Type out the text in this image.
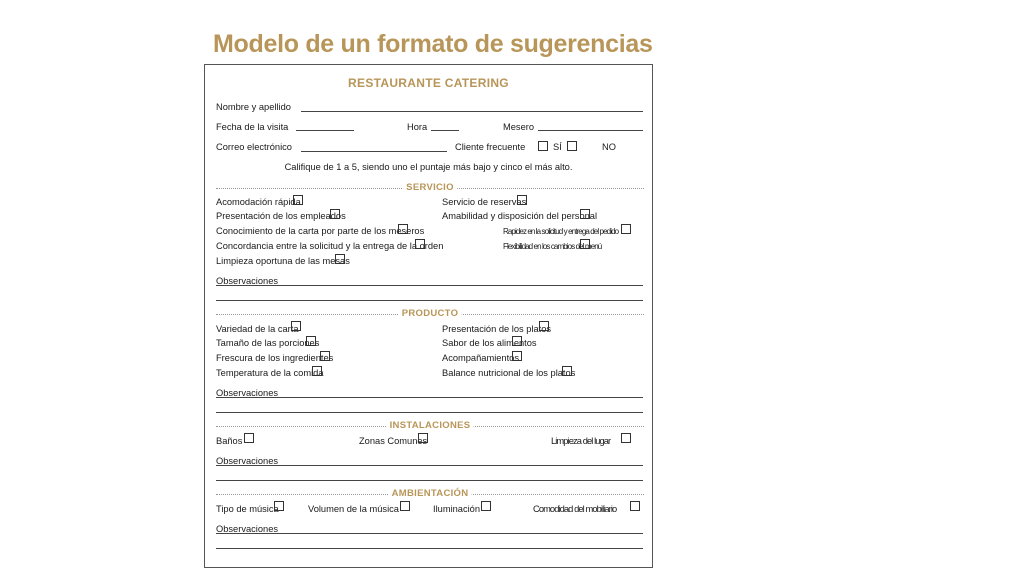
Modelo de un formato de sugerencias
RESTAURANTE CATERING
Nombre y apellido
Fecha de la visita	Hora	Mesero
Correo electrónico	Cliente frecuente	SÍ	NO
Califique de 1 a 5, siendo uno el puntaje más bajo y cinco el más alto.
SERVICIO
Acomodación rápida	Servicio de reservas
Presentación de los empleados	Amabilidad y disposición del personal
Conocimiento de la carta por parte de los meseros	Rapidez en la solicitud y entrega del pedido
Concordancia entre la solicitud y la entrega de la orden	Flexibilidad en los cambios del menú
Limpieza oportuna de las mesas
Observaciones
PRODUCTO
Variedad de la carta	Presentación de los platos
Tamaño de las porciones	Sabor de los alimentos
Frescura de los ingredientes	Acompañamientos
Temperatura de la comida	Balance nutricional de los platos
Observaciones
INSTALACIONES
Baños	Zonas Comunes	Limpieza del lugar
Observaciones
AMBIENTACIÓN
Tipo de música	Volumen de la música	Iluminación	Comodidad del mobiliario
Observaciones
